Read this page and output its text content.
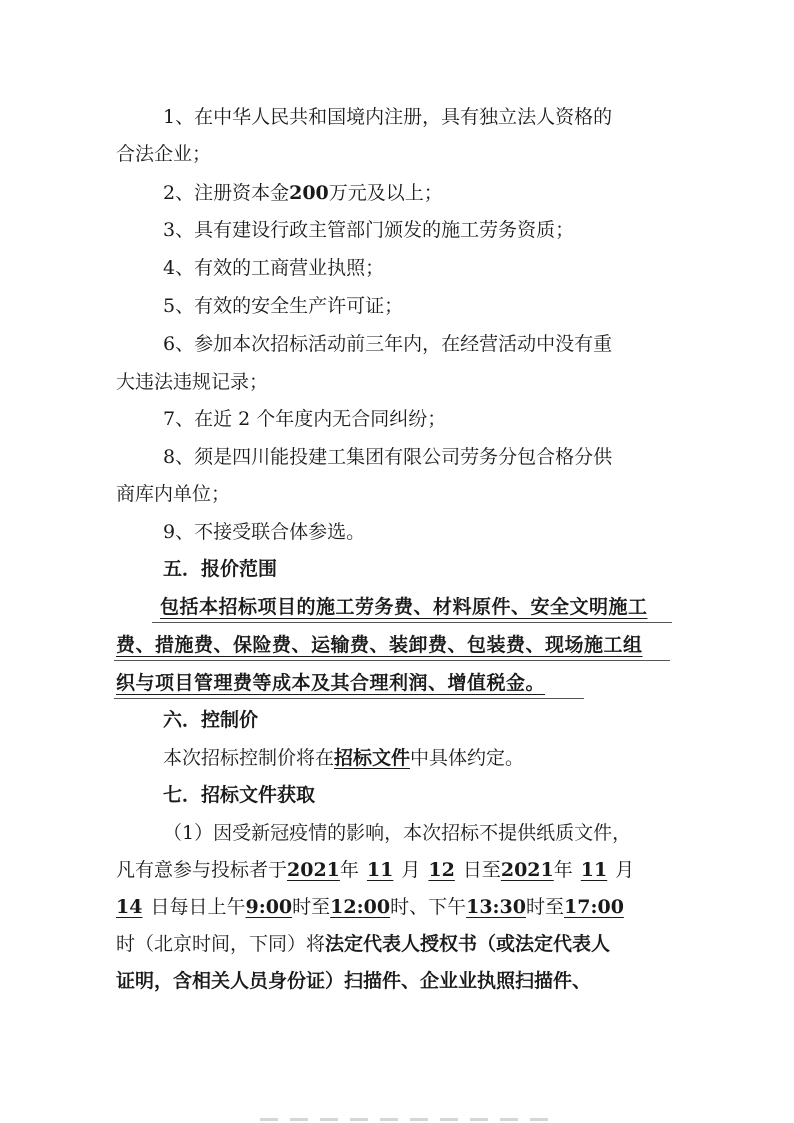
1、在中华人民共和国境内注册，具有独立法人资格的
合法企业；
2、注册资本金200万元及以上；
3、具有建设行政主管部门颁发的施工劳务资质；
4、有效的工商营业执照；
5、有效的安全生产许可证；
6、参加本次招标活动前三年内，在经营活动中没有重
大违法违规记录；
7、在近 2 个年度内无合同纠纷；
8、须是四川能投建工集团有限公司劳务分包合格分供
商库内单位；
9、不接受联合体参选。
五．报价范围
包括本招标项目的施工劳务费、材料原件、安全文明施工
费、措施费、保险费、运输费、装卸费、包装费、现场施工组
织与项目管理费等成本及其合理利润、增值税金。
六．控制价
本次招标控制价将在招标文件中具体约定。
七．招标文件获取
（1）因受新冠疫情的影响，本次招标不提供纸质文件，
凡有意参与投标者于2021年 11 月 12 日至2021年 11 月
14 日每日上午9:00时至12:00时、下午13:30时至17:00
时（北京时间，下同）将法定代表人授权书（或法定代表人
证明，含相关人员身份证）扫描件、企业业执照扫描件、
